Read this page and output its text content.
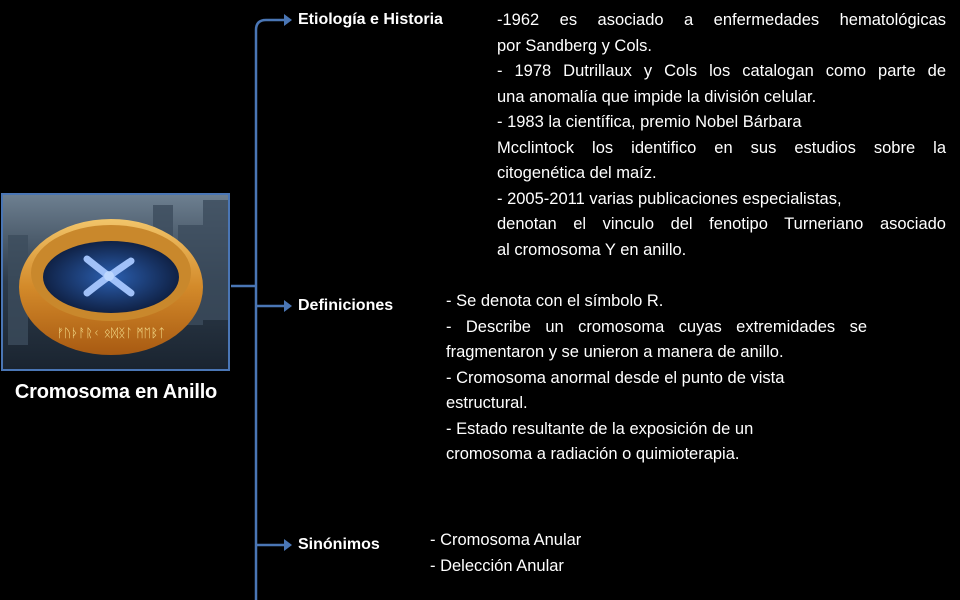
ᚠᚢᚦᚨᚱᚲ ᛟᛞᛝᛚ ᛗᛖᛒᛏ
Cromosoma en Anillo
Etiología e Historia	-1962 es asociado a enfermedades hematológicas
por Sandberg y Cols.
- 1978 Dutrillaux y Cols los catalogan como parte de
una anomalía que impide la división celular.
- 1983 la científica, premio Nobel Bárbara
Mcclintock los identifico en sus estudios sobre la
citogenética del maíz.
- 2005-2011 varias publicaciones especialistas,
denotan el vinculo del fenotipo Turneriano asociado
al cromosoma Y en anillo.
Definiciones	- Se denota con el símbolo R.
- Describe un cromosoma cuyas extremidades se
fragmentaron y se unieron a manera de anillo.
- Cromosoma anormal desde el punto de vista
estructural.
- Estado resultante de la exposición de un
cromosoma a radiación o quimioterapia.
Sinónimos	- Cromosoma Anular
- Delección Anular
